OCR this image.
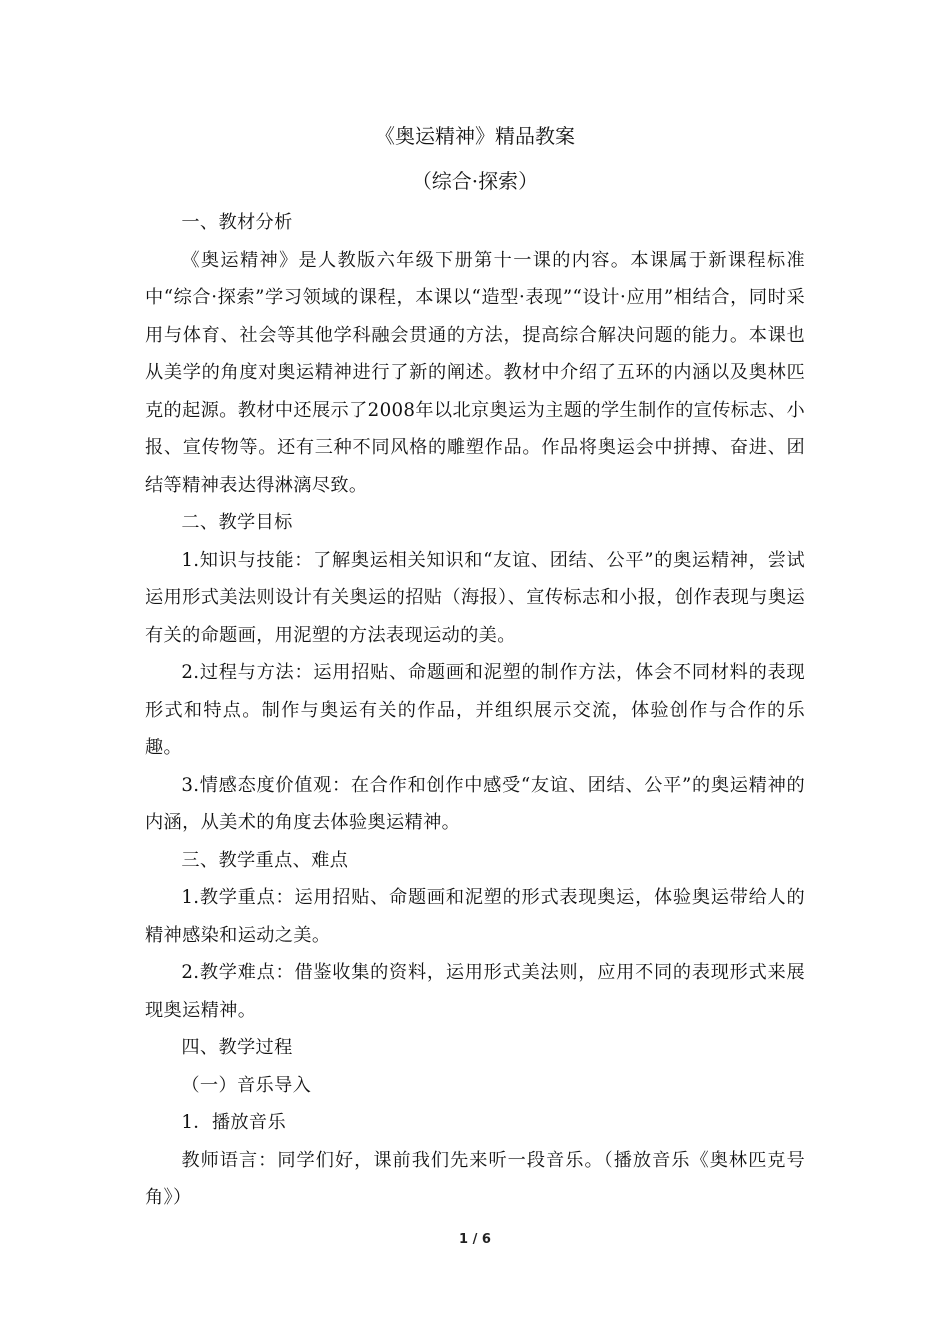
《奥运精神》精品教案
（综合·探索）

一、教材分析

《奥运精神》是人教版六年级下册第十一课的内容。本课属于新课程标准中“综合·探索”学习领域的课程，本课以“造型·表现”“设计·应用”相结合，同时采用与体育、社会等其他学科融会贯通的方法，提高综合解决问题的能力。本课也从美学的角度对奥运精神进行了新的阐述。教材中介绍了五环的内涵以及奥林匹克的起源。教材中还展示了2008年以北京奥运为主题的学生制作的宣传标志、小报、宣传物等。还有三种不同风格的雕塑作品。作品将奥运会中拼搏、奋进、团结等精神表达得淋漓尽致。

二、教学目标

1.知识与技能：了解奥运相关知识和“友谊、团结、公平”的奥运精神，尝试运用形式美法则设计有关奥运的招贴（海报）、宣传标志和小报，创作表现与奥运有关的命题画，用泥塑的方法表现运动的美。

2.过程与方法：运用招贴、命题画和泥塑的制作方法，体会不同材料的表现形式和特点。制作与奥运有关的作品，并组织展示交流，体验创作与合作的乐趣。

3.情感态度价值观：在合作和创作中感受“友谊、团结、公平”的奥运精神的内涵，从美术的角度去体验奥运精神。

三、教学重点、难点

1.教学重点：运用招贴、命题画和泥塑的形式表现奥运，体验奥运带给人的精神感染和运动之美。

2.教学难点：借鉴收集的资料，运用形式美法则，应用不同的表现形式来展现奥运精神。

四、教学过程

（一）音乐导入

1．播放音乐

教师语言：同学们好，课前我们先来听一段音乐。（播放音乐《奥林匹克号角》）

1 / 6
